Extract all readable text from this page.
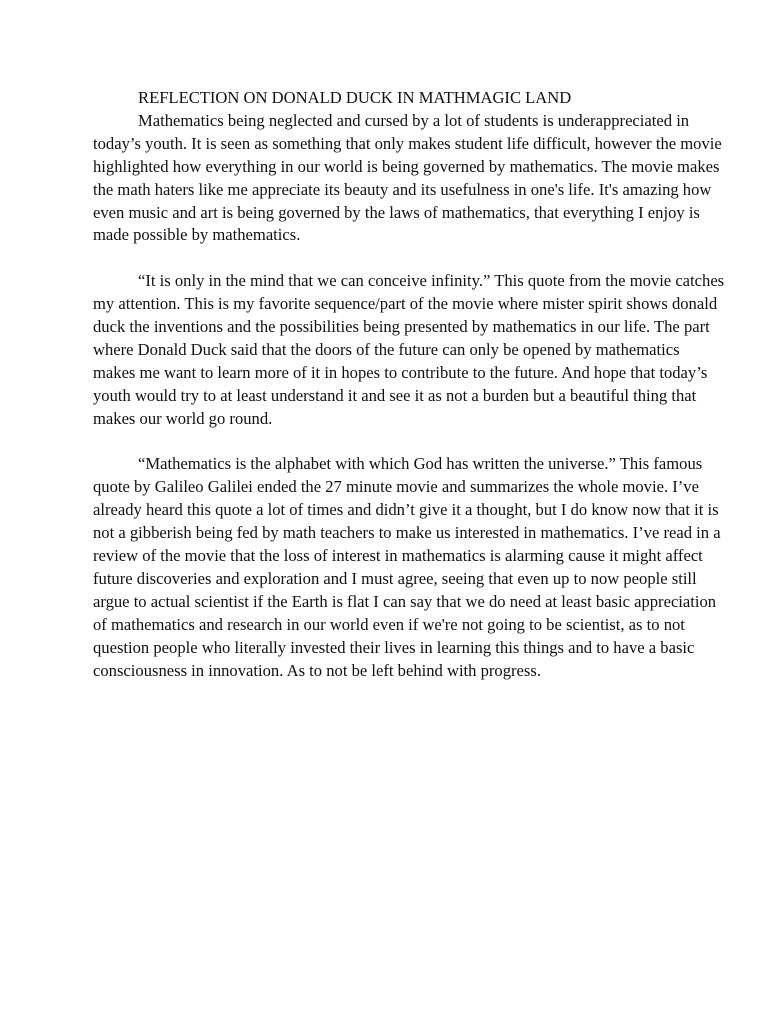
REFLECTION ON DONALD DUCK IN MATHMAGIC LAND

Mathematics being neglected and cursed by a lot of students is underappreciated in today’s youth. It is seen as something that only makes student life difficult, however the movie highlighted how everything in our world is being governed by mathematics. The movie makes the math haters like me appreciate its beauty and its usefulness in one's life. It's amazing how even music and art is being governed by the laws of mathematics, that everything I enjoy is made possible by mathematics.

“It is only in the mind that we can conceive infinity.” This quote from the movie catches my attention. This is my favorite sequence/part of the movie where mister spirit shows donald duck the inventions and the possibilities being presented by mathematics in our life. The part where Donald Duck said that the doors of the future can only be opened by mathematics makes me want to learn more of it in hopes to contribute to the future. And hope that today’s youth would try to at least understand it and see it as not a burden but a beautiful thing that makes our world go round.

“Mathematics is the alphabet with which God has written the universe.” This famous quote by Galileo Galilei ended the 27 minute movie and summarizes the whole movie. I’ve already heard this quote a lot of times and didn’t give it a thought, but I do know now that it is not a gibberish being fed by math teachers to make us interested in mathematics. I’ve read in a review of the movie that the loss of interest in mathematics is alarming cause it might affect future discoveries and exploration and I must agree, seeing that even up to now people still argue to actual scientist if the Earth is flat I can say that we do need at least basic appreciation of mathematics and research in our world even if we're not going to be scientist, as to not question people who literally invested their lives in learning this things and to have a basic consciousness in innovation. As to not be left behind with progress.
